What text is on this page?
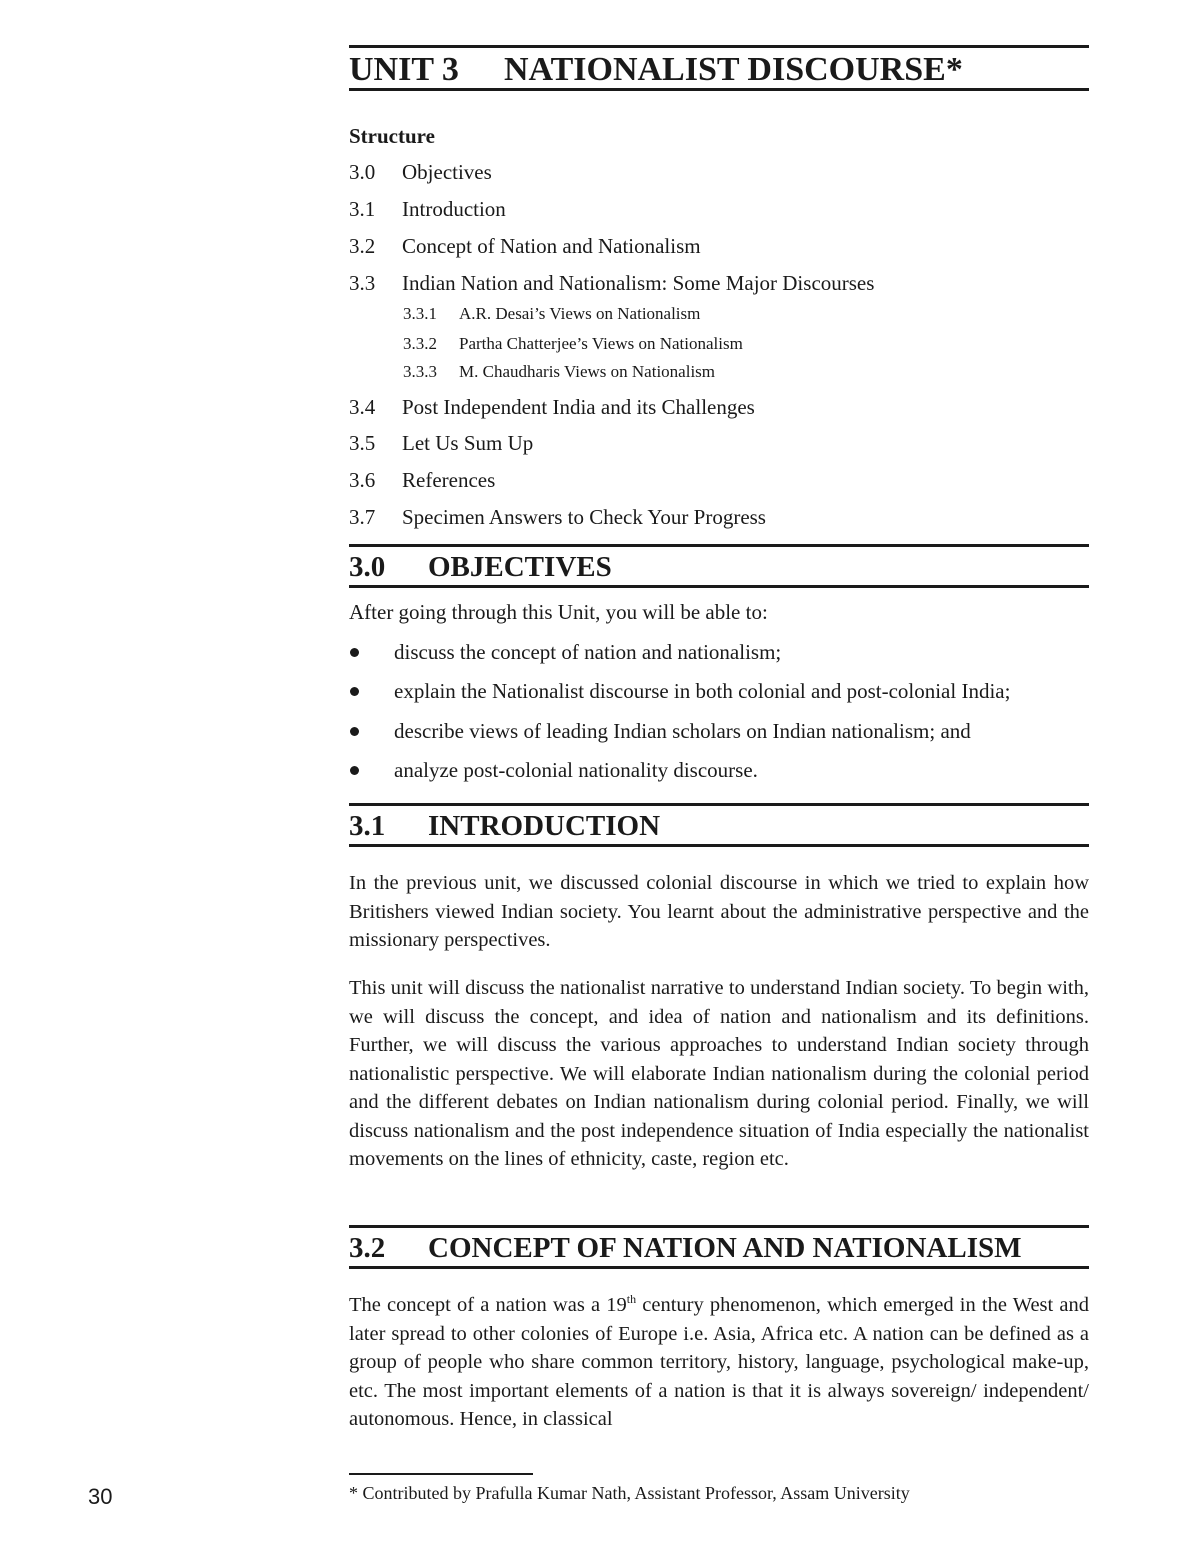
UNIT 3 NATIONALIST DISCOURSE*
Structure
3.0 Objectives
3.1 Introduction
3.2 Concept of Nation and Nationalism
3.3 Indian Nation and Nationalism: Some Major Discourses
3.3.1 A.R. Desai’s Views on Nationalism
3.3.2 Partha Chatterjee’s Views on Nationalism
3.3.3 M. Chaudharis Views on Nationalism
3.4 Post Independent India and its Challenges
3.5 Let Us Sum Up
3.6 References
3.7 Specimen Answers to Check Your Progress
3.0 OBJECTIVES
After going through this Unit, you will be able to:
discuss the concept of nation and nationalism;
explain the Nationalist discourse in both colonial and post-colonial India;
describe views of leading Indian scholars on Indian nationalism; and
analyze post-colonial nationality discourse.
3.1 INTRODUCTION

In the previous unit, we discussed colonial discourse in which we tried to explain how Britishers viewed Indian society. You learnt about the administrative perspective and the missionary perspectives.

This unit will discuss the nationalist narrative to understand Indian society. To begin with, we will discuss the concept, and idea of nation and nationalism and its definitions. Further, we will discuss the various approaches to understand Indian society through nationalistic perspective. We will elaborate Indian nationalism during the colonial period and the different debates on Indian nationalism during colonial period. Finally, we will discuss nationalism and the post independence situation of India especially the nationalist movements on the lines of ethnicity, caste, region etc.

3.2 CONCEPT OF NATION AND NATIONALISM

The concept of a nation was a 19th century phenomenon, which emerged in the West and later spread to other colonies of Europe i.e. Asia, Africa etc. A nation can be defined as a group of people who share common territory, history, language, psychological make-up, etc. The most important elements of a nation is that it is always sovereign/ independent/ autonomous. Hence, in classical

* Contributed by Prafulla Kumar Nath, Assistant Professor, Assam University
30
